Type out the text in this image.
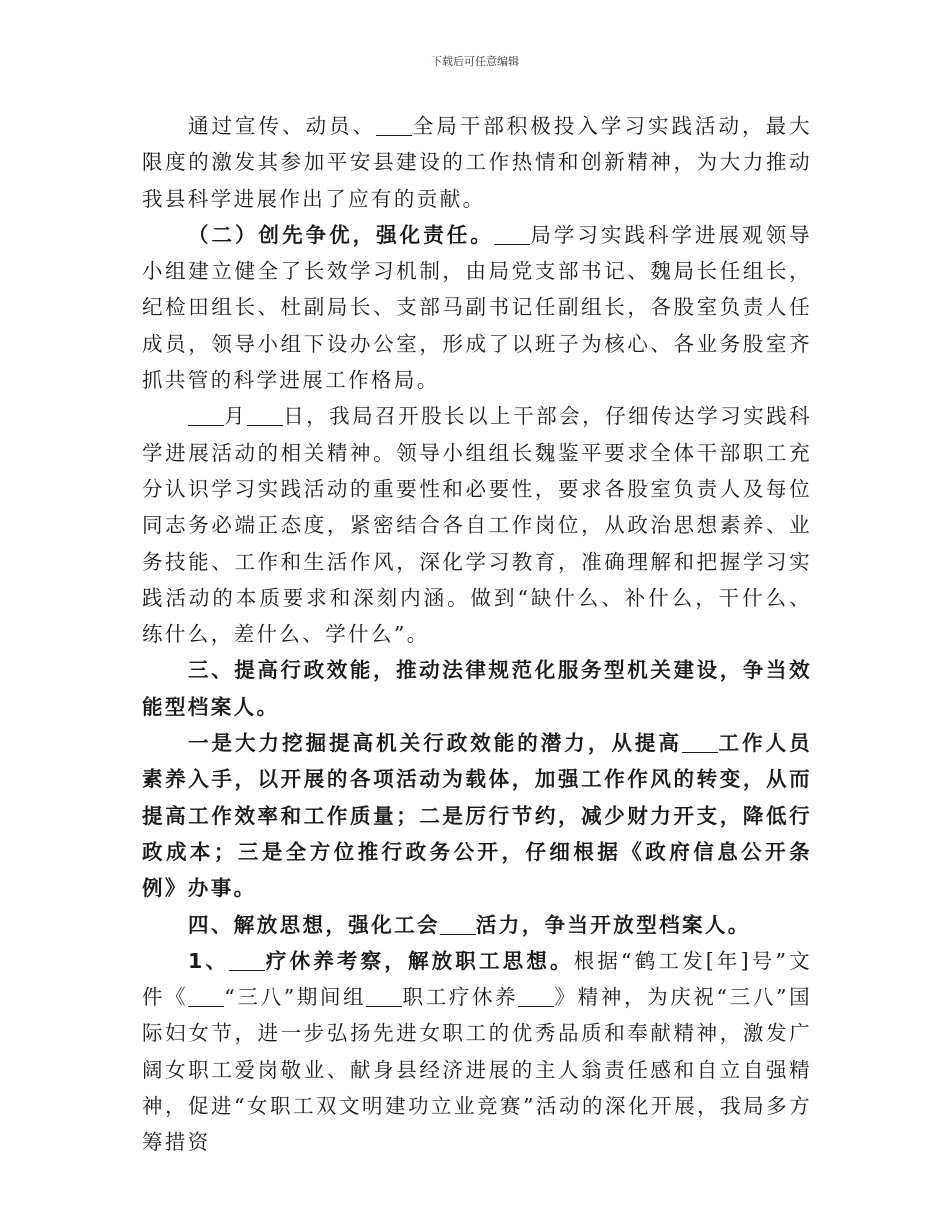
下载后可任意编辑

通过宣传、动员、 全局干部积极投入学习实践活动，最大限度的激发其参加平安县建设的工作热情和创新精神，为大力推动我县科学进展作出了应有的贡献。

（二）创先争优，强化责任。 局学习实践科学进展观领导小组建立健全了长效学习机制，由局党支部书记、魏局长任组长，纪检田组长、杜副局长、支部马副书记任副组长，各股室负责人任成员，领导小组下设办公室，形成了以班子为核心、各业务股室齐抓共管的科学进展工作格局。

月 日，我局召开股长以上干部会，仔细传达学习实践科学进展活动的相关精神。领导小组组长魏鉴平要求全体干部职工充分认识学习实践活动的重要性和必要性，要求各股室负责人及每位同志务必端正态度，紧密结合各自工作岗位，从政治思想素养、业务技能、工作和生活作风，深化学习教育，准确理解和把握学习实践活动的本质要求和深刻内涵。做到“缺什么、补什么，干什么、练什么，差什么、学什么”。

三、提高行政效能，推动法律规范化服务型机关建设，争当效能型档案人。

一是大力挖掘提高机关行政效能的潜力，从提高 工作人员素养入手，以开展的各项活动为载体，加强工作作风的转变，从而提高工作效率和工作质量；二是厉行节约，减少财力开支，降低行政成本；三是全方位推行政务公开，仔细根据《政府信息公开条例》办事。

四、解放思想，强化工会 活力，争当开放型档案人。

1、 疗休养考察，解放职工思想。根据“鹤工发[年]号”文件《 “三八”期间组 职工疗休养 》精神，为庆祝“三八”国际妇女节，进一步弘扬先进女职工的优秀品质和奉献精神，激发广阔女职工爱岗敬业、献身县经济进展的主人翁责任感和自立自强精神，促进“女职工双文明建功立业竞赛”活动的深化开展，我局多方筹措资
